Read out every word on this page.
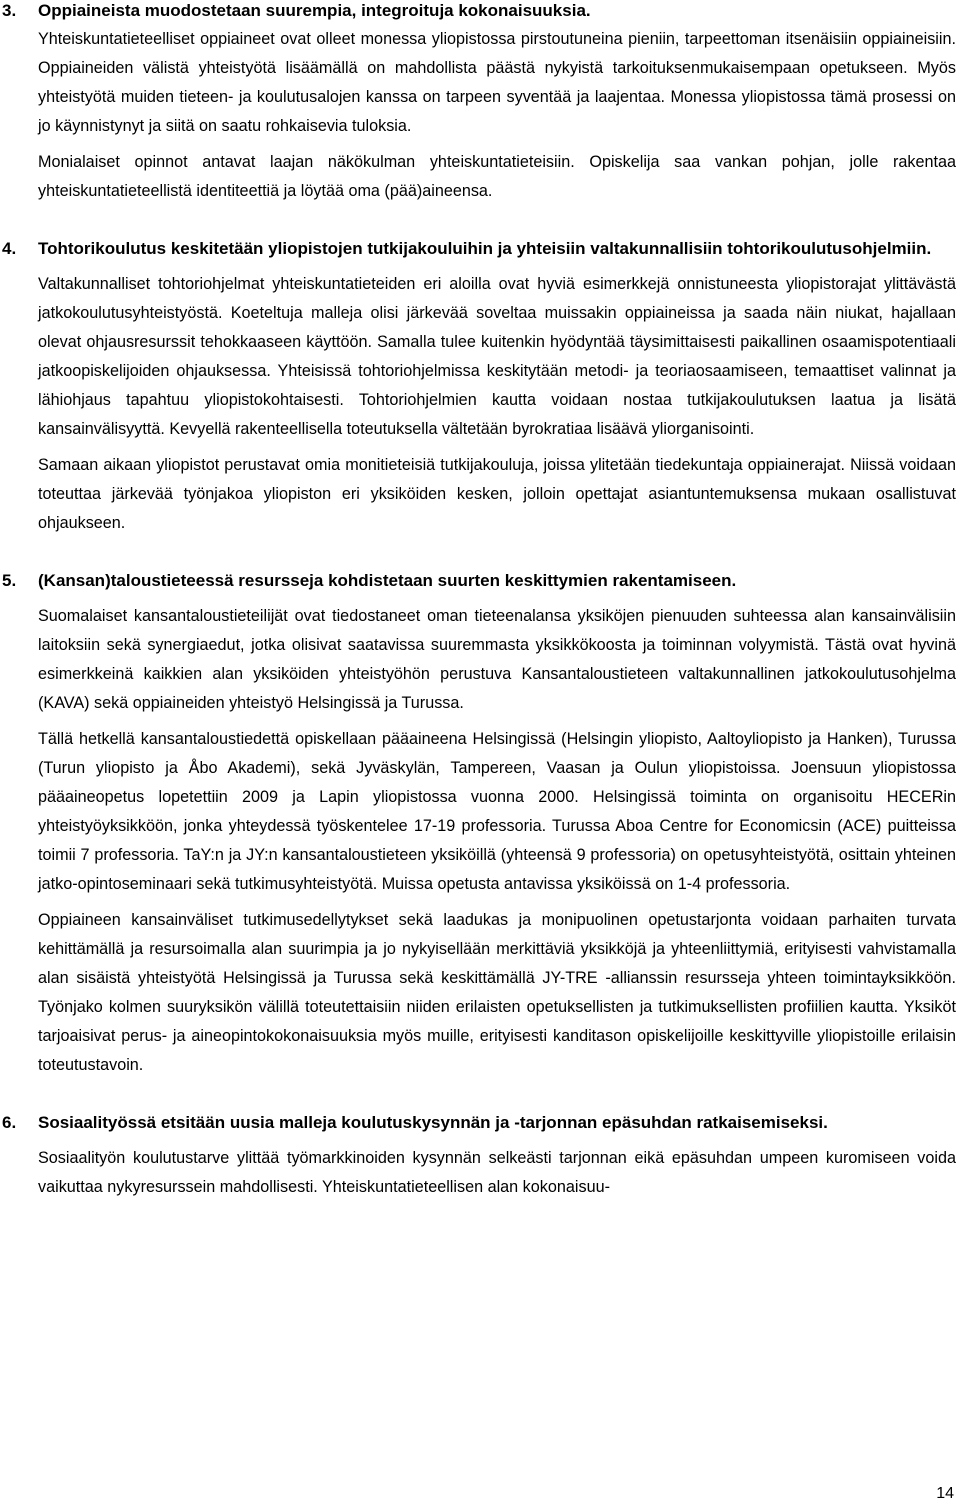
3. Oppiaineista muodostetaan suurempia, integroituja kokonaisuuksia.

Yhteiskuntatieteelliset oppiaineet ovat olleet monessa yliopistossa pirstoutuneina pieniin, tarpeettoman itsenäisiin oppiaineisiin. Oppiaineiden välistä yhteistyötä lisäämällä on mahdollista päästä nykyistä tarkoituksenmukaisempaan opetukseen. Myös yhteistyötä muiden tieteen- ja koulutusalojen kanssa on tarpeen syventää ja laajentaa. Monessa yliopistossa tämä prosessi on jo käynnistynyt ja siitä on saatu rohkaisevia tuloksia.

Monialaiset opinnot antavat laajan näkökulman yhteiskuntatieteisiin. Opiskelija saa vankan pohjan, jolle rakentaa yhteiskuntatieteellistä identiteettiä ja löytää oma (pää)aineensa.

4. Tohtorikoulutus keskitetään yliopistojen tutkijakouluihin ja yhteisiin valtakunnallisiin tohtorikoulutusohjelmiin.

Valtakunnalliset tohtoriohjelmat yhteiskuntatieteiden eri aloilla ovat hyviä esimerkkejä onnistuneesta yliopistorajat ylittävästä jatkokoulutusyhteistyöstä. Koeteltuja malleja olisi järkevää soveltaa muissakin oppiaineissa ja saada näin niukat, hajallaan olevat ohjausresurssit tehokkaaseen käyttöön. Samalla tulee kuitenkin hyödyntää täysimittaisesti paikallinen osaamispotentiaali jatkoopiskelijoiden ohjauksessa. Yhteisissä tohtoriohjelmissa keskitytään metodi- ja teoriaosaamiseen, temaattiset valinnat ja lähiohjaus tapahtuu yliopistokohtaisesti. Tohtoriohjelmien kautta voidaan nostaa tutkijakoulutuksen laatua ja lisätä kansainvälisyyttä. Kevyellä rakenteellisella toteutuksella vältetään byrokratiaa lisäävä yliorganisointi.

Samaan aikaan yliopistot perustavat omia monitieteisiä tutkijakouluja, joissa ylitetään tiedekuntaja oppiainerajat. Niissä voidaan toteuttaa järkevää työnjakoa yliopiston eri yksiköiden kesken, jolloin opettajat asiantuntemuksensa mukaan osallistuvat ohjaukseen.

5. (Kansan)taloustieteessä resursseja kohdistetaan suurten keskittymien rakentamiseen.

Suomalaiset kansantaloustieteilijät ovat tiedostaneet oman tieteenalansa yksiköjen pienuuden suhteessa alan kansainvälisiin laitoksiin sekä synergiaedut, jotka olisivat saatavissa suuremmasta yksikkökoosta ja toiminnan volyymistä. Tästä ovat hyvinä esimerkkeinä kaikkien alan yksiköiden yhteistyöhön perustuva Kansantaloustieteen valtakunnallinen jatkokoulutusohjelma (KAVA) sekä oppiaineiden yhteistyö Helsingissä ja Turussa.

Tällä hetkellä kansantaloustiedettä opiskellaan pääaineena Helsingissä (Helsingin yliopisto, Aaltoyliopisto ja Hanken), Turussa (Turun yliopisto ja Åbo Akademi), sekä Jyväskylän, Tampereen, Vaasan ja Oulun yliopistoissa. Joensuun yliopistossa pääaineopetus lopetettiin 2009 ja Lapin yliopistossa vuonna 2000. Helsingissä toiminta on organisoitu HECERin yhteistyöyksikköön, jonka yhteydessä työskentelee 17-19 professoria. Turussa Aboa Centre for Economicsin (ACE) puitteissa toimii 7 professoria. TaY:n ja JY:n kansantaloustieteen yksiköillä (yhteensä 9 professoria) on opetusyhteistyötä, osittain yhteinen jatko-opintoseminaari sekä tutkimusyhteistyötä. Muissa opetusta antavissa yksiköissä on 1-4 professoria.

Oppiaineen kansainväliset tutkimusedellytykset sekä laadukas ja monipuolinen opetustarjonta voidaan parhaiten turvata kehittämällä ja resursoimalla alan suurimpia ja jo nykyisellään merkittäviä yksikköjä ja yhteenliittymiä, erityisesti vahvistamalla alan sisäistä yhteistyötä Helsingissä ja Turussa sekä keskittämällä JY-TRE -allianssin resursseja yhteen toimintayksikköön. Työnjako kolmen suuryksikön välillä toteutettaisiin niiden erilaisten opetuksellisten ja tutkimuksellisten profiilien kautta. Yksiköt tarjoaisivat perus- ja aineopintokokonaisuuksia myös muille, erityisesti kanditason opiskelijoille keskittyville yliopistoille erilaisin toteutustavoin.

6. Sosiaalityössä etsitään uusia malleja koulutuskysynnän ja -tarjonnan epäsuhdan ratkaisemiseksi.

Sosiaalityön koulutustarve ylittää työmarkkinoiden kysynnän selkeästi tarjonnan eikä epäsuhdan umpeen kuromiseen voida vaikuttaa nykyresurssein mahdollisesti. Yhteiskuntatieteellisen alan kokonaisuu-

14
